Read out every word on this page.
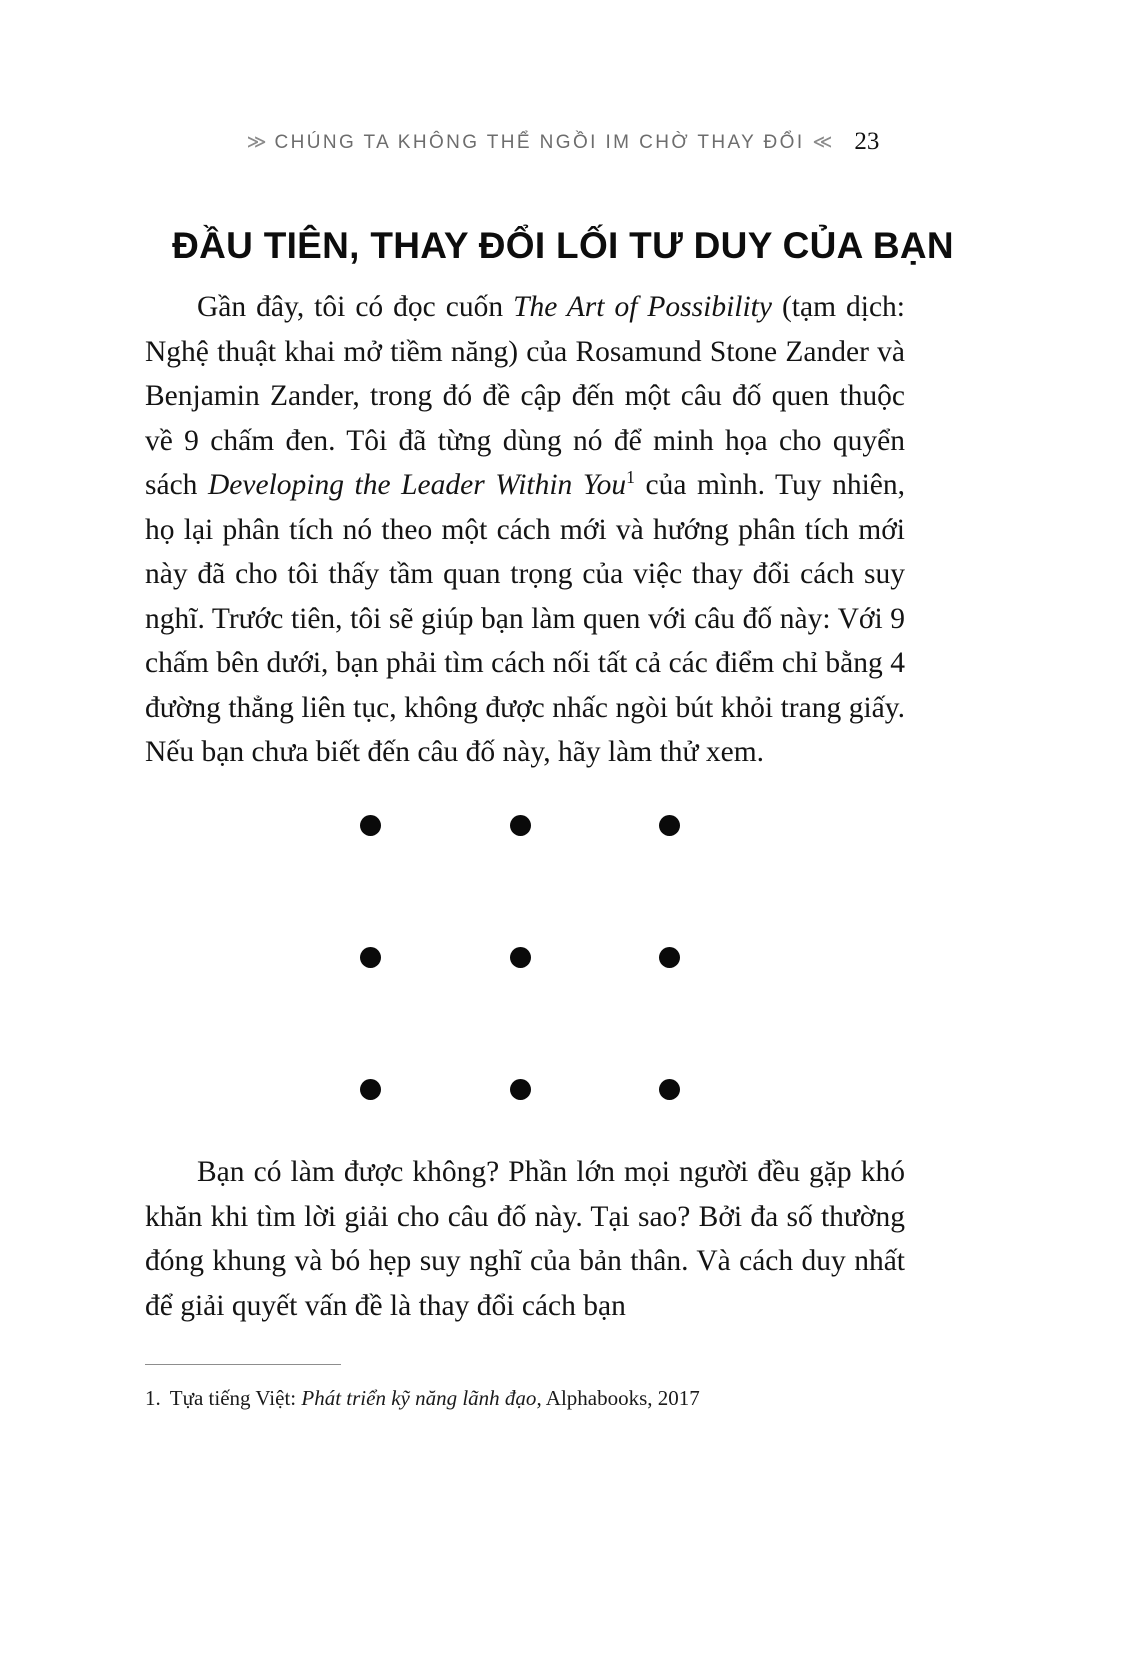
≫ CHÚNG TA KHÔNG THỂ NGỒI IM CHỜ THAY ĐỔI ≪ 23
ĐẦU TIÊN, THAY ĐỔI LỐI TƯ DUY CỦA BẠN

Gần đây, tôi có đọc cuốn The Art of Possibility (tạm dịch: Nghệ thuật khai mở tiềm năng) của Rosamund Stone Zander và Benjamin Zander, trong đó đề cập đến một câu đố quen thuộc về 9 chấm đen. Tôi đã từng dùng nó để minh họa cho quyển sách Developing the Leader Within You$^1$ của mình. Tuy nhiên, họ lại phân tích nó theo một cách mới và hướng phân tích mới này đã cho tôi thấy tầm quan trọng của việc thay đổi cách suy nghĩ. Trước tiên, tôi sẽ giúp bạn làm quen với câu đố này: Với 9 chấm bên dưới, bạn phải tìm cách nối tất cả các điểm chỉ bằng 4 đường thẳng liên tục, không được nhấc ngòi bút khỏi trang giấy. Nếu bạn chưa biết đến câu đố này, hãy làm thử xem.

Bạn có làm được không? Phần lớn mọi người đều gặp khó khăn khi tìm lời giải cho câu đố này. Tại sao? Bởi đa số thường đóng khung và bó hẹp suy nghĩ của bản thân. Và cách duy nhất để giải quyết vấn đề là thay đổi cách bạn

1. Tựa tiếng Việt: Phát triển kỹ năng lãnh đạo, Alphabooks, 2017
